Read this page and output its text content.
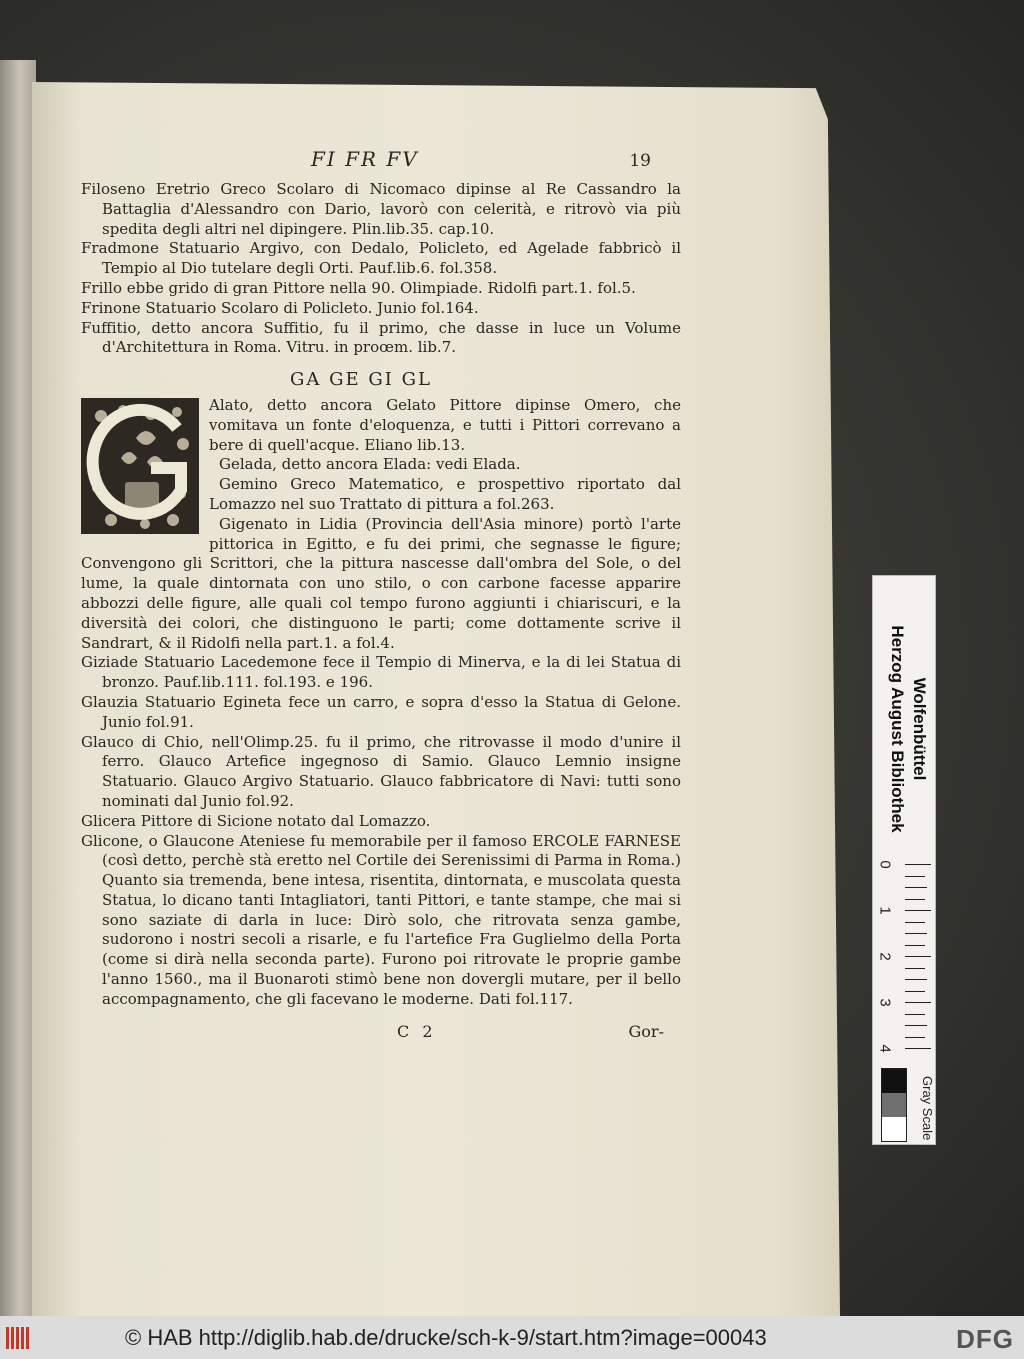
FI FR FV	19

Filoseno Eretrio Greco Scolaro di Nicomaco dipinse al Re Cassandro la Battaglia d'Alessandro con Dario, lavorò con celerità, e ritrovò via più spedita degli altri nel dipingere. Plin.lib.35. cap.10.

Fradmone Statuario Argivo, con Dedalo, Policleto, ed Agelade fabbricò il Tempio al Dio tutelare degli Orti. Pauf.lib.6. fol.358.

Frillo ebbe grido di gran Pittore nella 90. Olimpiade. Ridolfi part.1. fol.5.

Frinone Statuario Scolaro di Policleto. Junio fol.164.

Fuffitio, detto ancora Suffitio, fu il primo, che dasse in luce un Volume d'Architettura in Roma. Vitru. in proœm. lib.7.

GA GE GI GL

Alato, detto ancora Gelato Pittore dipinse Omero, che vomitava un fonte d'eloquenza, e tutti i Pittori correvano a bere di quell'acque. Eliano lib.13.

Gelada, detto ancora Elada: vedi Elada.

Gemino Greco Matematico, e prospettivo riportato dal Lomazzo nel suo Trattato di pittura a fol.263.

Gigenato in Lidia (Provincia dell'Asia minore) portò l'arte pittorica in Egitto, e fu dei primi, che segnasse le figure; Convengono gli Scrittori, che la pittura nascesse dall'ombra del Sole, o del lume, la quale dintornata con uno stilo, o con carbone facesse apparire abbozzi delle figure, alle quali col tempo furono aggiunti i chiariscuri, e la diversità dei colori, che distinguono le parti; come dottamente scrive il Sandrart, & il Ridolfi nella part.1. a fol.4.

Giziade Statuario Lacedemone fece il Tempio di Minerva, e la di lei Statua di bronzo. Pauf.lib.111. fol.193. e 196.

Glauzia Statuario Egineta fece un carro, e sopra d'esso la Statua di Gelone. Junio fol.91.

Glauco di Chio, nell'Olimp.25. fu il primo, che ritrovasse il modo d'unire il ferro. Glauco Artefice ingegnoso di Samio. Glauco Lemnio insigne Statuario. Glauco Argivo Statuario. Glauco fabbricatore di Navi: tutti sono nominati dal Junio fol.92.

Glicera Pittore di Sicione notato dal Lomazzo.

Glicone, o Glaucone Ateniese fu memorabile per il famoso ERCOLE FARNESE (così detto, perchè stà eretto nel Cortile dei Serenissimi di Parma in Roma.) Quanto sia tremenda, bene intesa, risentita, dintornata, e muscolata questa Statua, lo dicano tanti Intagliatori, tanti Pittori, e tante stampe, che mai si sono saziate di darla in luce: Dirò solo, che ritrovata senza gambe, sudorono i nostri secoli a risarle, e fu l'artefice Fra Guglielmo della Porta (come si dirà nella seconda parte). Furono poi ritrovate le proprie gambe l'anno 1560., ma il Buonaroti stimò bene non dovergli mutare, per il bello accompagnamento, che gli facevano le moderne. Dati fol.117.

C 2	Gor-
Herzog August Bibliothek Wolfenbüttel
0
1
2
3
4
Gray Scale
© HAB http://diglib.hab.de/drucke/sch-k-9/start.htm?image=00043	DFG
